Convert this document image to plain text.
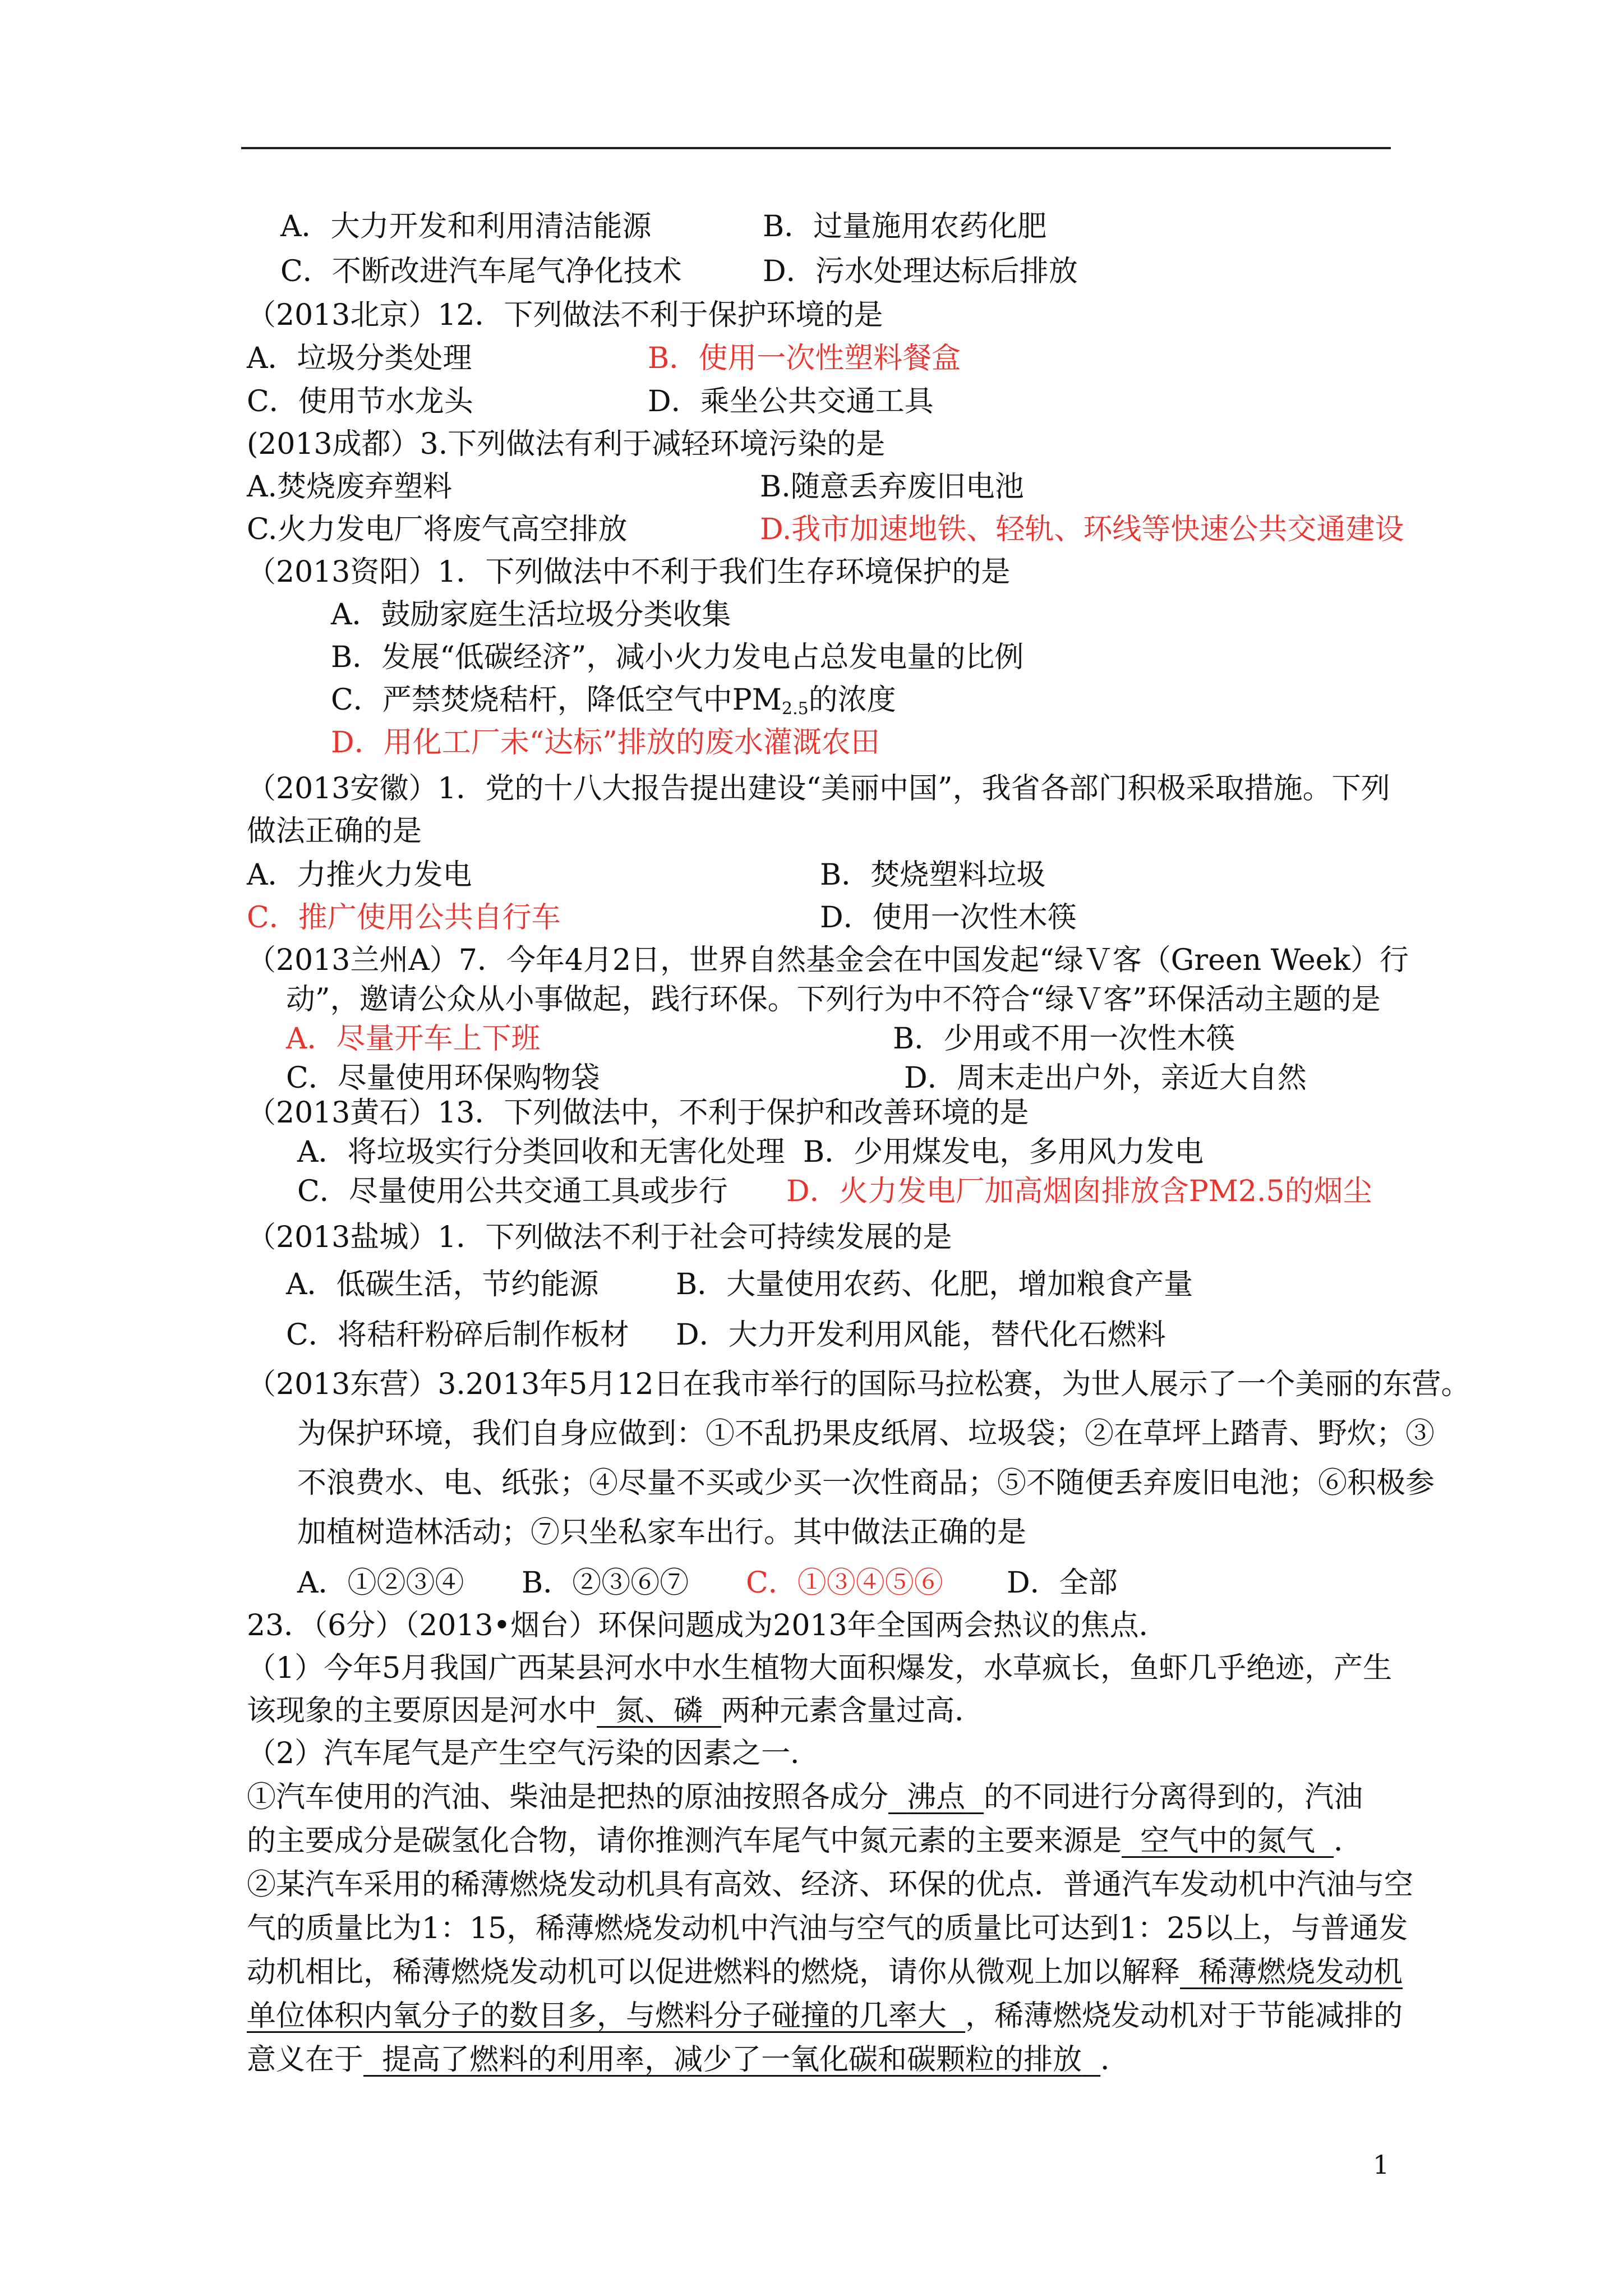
A．大力开发和利用清洁能源	B．过量施用农药化肥
C．不断改进汽车尾气净化技术	D．污水处理达标后排放
（2013北京）12．下列做法不利于保护环境的是
A．垃圾分类处理	B．使用一次性塑料餐盒
C．使用节水龙头	D．乘坐公共交通工具
(2013成都）3.下列做法有利于减轻环境污染的是
A.焚烧废弃塑料	B.随意丢弃废旧电池
C.火力发电厂将废气高空排放	D.我市加速地铁、轻轨、环线等快速公共交通建设
（2013资阳）1．下列做法中不利于我们生存环境保护的是
A．鼓励家庭生活垃圾分类收集
B．发展“低碳经济”，减小火力发电占总发电量的比例
C．严禁焚烧秸杆，降低空气中$PM_{2.5}$的浓度
D．用化工厂未“达标”排放的废水灌溉农田
（2013安徽）1．党的十八大报告提出建设“美丽中国”，我省各部门积极采取措施。下列
做法正确的是
A．力推火力发电	B．焚烧塑料垃圾
C．推广使用公共自行车	D．使用一次性木筷
（2013兰州A）7．今年4月2日，世界自然基金会在中国发起“绿Ｖ客（Green Week）行
动”，邀请公众从小事做起，践行环保。下列行为中不符合“绿Ｖ客”环保活动主题的是
A．尽量开车上下班	B．少用或不用一次性木筷
C．尽量使用环保购物袋	D．周末走出户外，亲近大自然
（2013黄石）13．下列做法中，不利于保护和改善环境的是
A．将垃圾实行分类回收和无害化处理 B．少用煤发电，多用风力发电
C．尽量使用公共交通工具或步行 D．火力发电厂加高烟囱排放含PM2.5的烟尘
（2013盐城）1．下列做法不利于社会可持续发展的是
A．低碳生活，节约能源	B．大量使用农药、化肥，增加粮食产量
C．将秸秆粉碎后制作板材 D．大力开发利用风能，替代化石燃料
（2013东营）3.2013年5月12日在我市举行的国际马拉松赛，为世人展示了一个美丽的东营。
为保护环境，我们自身应做到：①不乱扔果皮纸屑、垃圾袋；②在草坪上踏青、野炊；③
不浪费水、电、纸张；④尽量不买或少买一次性商品；⑤不随便丢弃废旧电池；⑥积极参
加植树造林活动；⑦只坐私家车出行。其中做法正确的是
A．①②③④ B．②③⑥⑦ C．①③④⑤⑥ D．全部
23．（6分）（2013•烟台）环保问题成为2013年全国两会热议的焦点．
（1）今年5月我国广西某县河水中水生植物大面积爆发，水草疯长，鱼虾几乎绝迹，产生
该现象的主要原因是河水中 氮、磷 两种元素含量过高．
（2）汽车尾气是产生空气污染的因素之一．
①汽车使用的汽油、柴油是把热的原油按照各成分 沸点 的不同进行分离得到的，汽油
的主要成分是碳氢化合物，请你推测汽车尾气中氮元素的主要来源是 空气中的氮气 ．
②某汽车采用的稀薄燃烧发动机具有高效、经济、环保的优点．普通汽车发动机中汽油与空
气的质量比为1：15，稀薄燃烧发动机中汽油与空气的质量比可达到1：25以上，与普通发
动机相比，稀薄燃烧发动机可以促进燃料的燃烧，请你从微观上加以解释 稀薄燃烧发动机
单位体积内氧分子的数目多，与燃料分子碰撞的几率大 ，稀薄燃烧发动机对于节能减排的
意义在于 提高了燃料的利用率，减少了一氧化碳和碳颗粒的排放 ．
1
